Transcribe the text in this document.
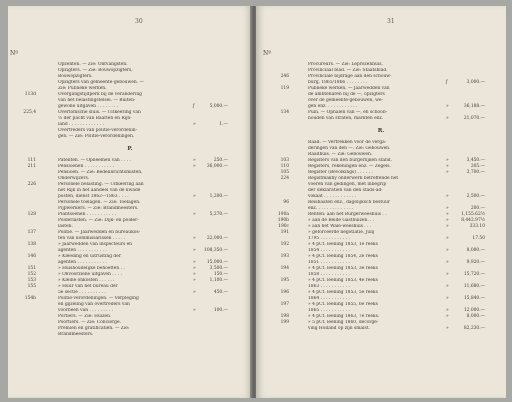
30
Nº
Opzenten. — Zie: Ontvangsten.
Opzigters. — Zie: Bouwopzigters,
Bouwopzigters.
Opzigters van gemeente-gebouwen. —
Zie: Publieke werken.
113d	Overgangstijdperk bij de verandering
van het belastingstelsel. — Buiten-
gewone uitgaven . . . . . . . .	ƒ	5,000.—
225,4	Overtomsche sluis. — Uitkeering van
⅓ der pacht van Baarlen en Rijn-
land . . . . . . . . . . . . .	»	1.—
Overtreders van politie-verordenin-
gen. — Zie: Politie-verordeningen.
P.
111	Patenten. — Opneemen van . . . .	»	250.—
211	Pensioenen . . . . . . . . . . .	»	36,000.—
Pensioen. — Zie: Bedelinrichtsmisten,
Onderwijzers.
226	Personele belasting. — Uitkeering aan
het Rijk in het aandeel van de kwade
posten, dienst 1862—1863 . . . .	»	1,200.—
Personele toelagen. — Zie: Toelagen.
Pijpwerkers. — Zie: Brandmeesters.
128	Plantsoenen . . . . . . . . . . .	»	5,270.—
Polderlasten. — Zie: Dijk- en polder-
lasten.
137	Politie. — Jaarwedden en bureaukos-
ten van kommissarissen . . . . .	»	22,000.—
138	» Jaarwedden van inspecteurs en
agenten . . . . . . . . . . .	»	108,350.—
146	» Kleeding en uitrusting der
agenten . . . . . . . . . . .	»	15,000.—
151	» Huishoudelijke behoeften . .	»	3,500.—
152	» Onvoorziene uitgaven . . . .	»	150.—
153	» Kleine onkosten . . . . . .	»	1,100.—
155	» Huur van het bureau der
5e sectie . . . . . . . . . .	»	450.—
154b	Politie-verordeningen. — Verpleging
en gijzeling van overtreders van
voorheen van . . . . . . . . .	»	100.—
Portiers. — Zie: Huizen.
Poortiers. — Zie: Concierge.
Premiën en gratificatiën. — Zie:
Brandmeesters.
31
Nº
Procureurs. — Zie: Leprozenhuis.
Provinciaal blad. — Zie: Staatsblad.
246	Provinciale bijdrage aan den schouw-
burg, 1865/1866 . . . . . . . .	ƒ	3,000.—
119	Publieke werken. — Jaarwedden van
de ambtenaren bij de —, opzigters
over de gemeente-gebouwen, we-
gen enz. . . . . . . . . . . .	»	36,188.—
134	Puin. — Ophalen van —, en schoon-
houden van straten, markten enz.	»	21,070.—
R.
Raad. — Vertrekken voor de verga-
deringen van den —. Zie: Gebouwen.
Raadhuis. — Zie: Gebouwen.
103	Registers van den burgerlijken stand.	»	3,450.—
110	Registers, rekeningen enz. — Zegels.	»	205.—
105	Register (Bevolkings) . . . . . .	»	3,700.—
224	Registmakhy onderwerk betreffende het
voeren van gedingen, met inbegrip
der deklaratiën van den stads-ad-
vokaat . . . . . . . . . . . .	»	2,500.—
96	Reisbaaten enz., dagelijksch bestuur
enz. . . . . . . . . . . . . .	»	200.—
190a	Renten: aan het Burgerweeshuis . .	»	1,155.62½
190b	» aan de Beide Gasthuizen. . .	»	8,442.97½
190c	» aan het Wale-weeshuis . . .	»	333.10
191	» geforceerde negotiatie, Julij
1795 . . . . . . . . . . .	»	17.50
192	» 4 pCt. leening 1853, 1e reeks
1854 . . . . . . . . . . .	»	8,080.—
193	» 4 pCt. leening 1854, 2e reeks
1851 . . . . . . . . . . .	»	9,920.—
194	» 4 pCt. leening 1853, 3e reeks
1858 . . . . . . . . . . .	»	15,720.—
195	» 4 pCt. leening 1853, 4e reeks
1863 . . . . . . . . . . .	»	11,680.—
196	» 4 pCt. leening 1853, 5e reeks
1864 . . . . . . . . . . .	»	15,840.—
197	» 4 pCt. leening 1855, 6e reeks
1865 . . . . . . . . . . .	»	12,000.—
198	» 4 pCt. leening 1863, 7e reeks.	»	8,000.—
199	» 5 pCt. leening 1860, decorge-
ving Holland op zijn smalst.	»	82,230.—
